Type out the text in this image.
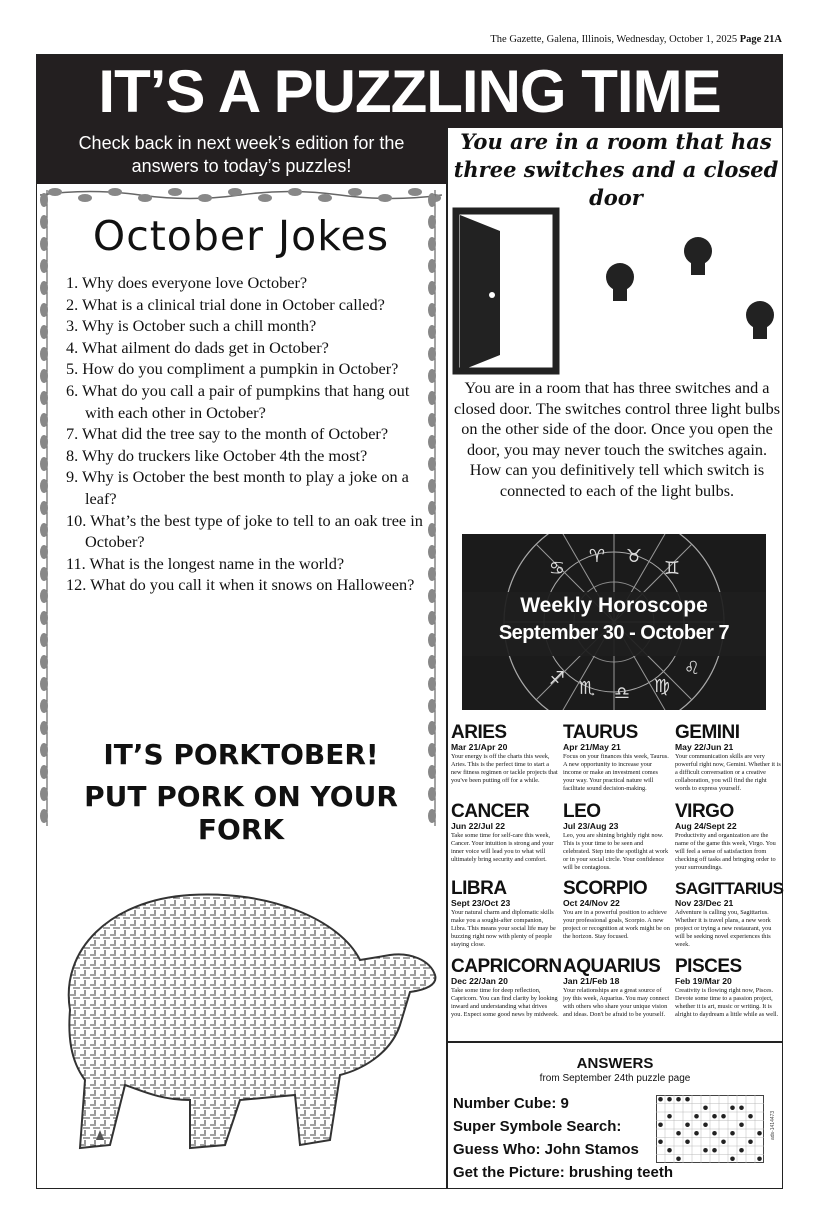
The Gazette, Galena, Illinois, Wednesday, October 1, 2025 Page 21A
IT’S A PUZZLING TIME
Check back in next week’s edition for the
answers to today’s puzzles!
October Jokes
1. Why does everyone love October?
2. What is a clinical trial done in October called?
3. Why is October such a chill month?
4. What ailment do dads get in October?
5. How do you compliment a pumpkin in October?
6. What do you call a pair of pumpkins that hang out with each other in October?
7. What did the tree say to the month of October?
8. Why do truckers like October 4th the most?
9. Why is October the best month to play a joke on a leaf?
10. What’s the best type of joke to tell to an oak tree in October?
11. What is the longest name in the world?
12. What do you call it when it snows on Halloween?
IT’S PORKTOBER!
PUT PORK ON YOUR FORK
You are in a room that has
three switches and a closed door
You are in a room that has three switches and a closed door. The switches control three light bulbs on the other side of the door. Once you open the door, you may never touch the switches again. How can you definitively tell which switch is connected to each of the light bulbs.
♋
♈ ♉
♊
♐ ♏ ♎ ♍
♌
Weekly Horoscope
September 30 - October 7
ARIES
Mar 21/Apr 20
Your energy is off the charts this week, Aries. This is the perfect time to start a new fitness regimen or tackle projects that you've been putting off for a while.
TAURUS
Apr 21/May 21
Focus on your finances this week, Taurus. A new opportunity to increase your income or make an investment comes your way. Your practical nature will facilitate sound decision-making.
GEMINI
May 22/Jun 21
Your communication skills are very powerful right now, Gemini. Whether it is a difficult conversation or a creative collaboration, you will find the right words to express yourself.
CANCER
Jun 22/Jul 22
Take some time for self-care this week, Cancer. Your intuition is strong and your inner voice will lead you to what will ultimately bring security and comfort.
LEO
Jul 23/Aug 23
Leo, you are shining brightly right now. This is your time to be seen and celebrated. Step into the spotlight at work or in your social circle. Your confidence will be contagious.
VIRGO
Aug 24/Sept 22
Productivity and organization are the name of the game this week, Virgo. You will feel a sense of satisfaction from checking off tasks and bringing order to your surroundings.
LIBRA
Sept 23/Oct 23
Your natural charm and diplomatic skills make you a sought-after companion, Libra. This means your social life may be buzzing right now with plenty of people staying close.
SCORPIO
Oct 24/Nov 22
You are in a powerful position to achieve your professional goals, Scorpio. A new project or recognition at work might be on the horizon. Stay focused.
SAGITTARIUS
Nov 23/Dec 21
Adventure is calling you, Sagittarius. Whether it is travel plans, a new work project or trying a new restaurant, you will be seeking novel experiences this week.
CAPRICORN
Dec 22/Jan 20
Take some time for deep reflection, Capricorn. You can find clarity by looking inward and understanding what drives you. Expect some good news by midweek.
AQUARIUS
Jan 21/Feb 18
Your relationships are a great source of joy this week, Aquarius. You may connect with others who share your unique vision and ideas. Don't be afraid to be yourself.
PISCES
Feb 19/Mar 20
Creativity is flowing right now, Pisces. Devote some time to a passion project, whether it is art, music or writing. It is alright to daydream a little while as well.
ANSWERS
from September 24th puzzle page
Number Cube: 9
Super Symbole Search:
Guess Who: John Stamos
Get the Picture: brushing teeth
ads-1414473
